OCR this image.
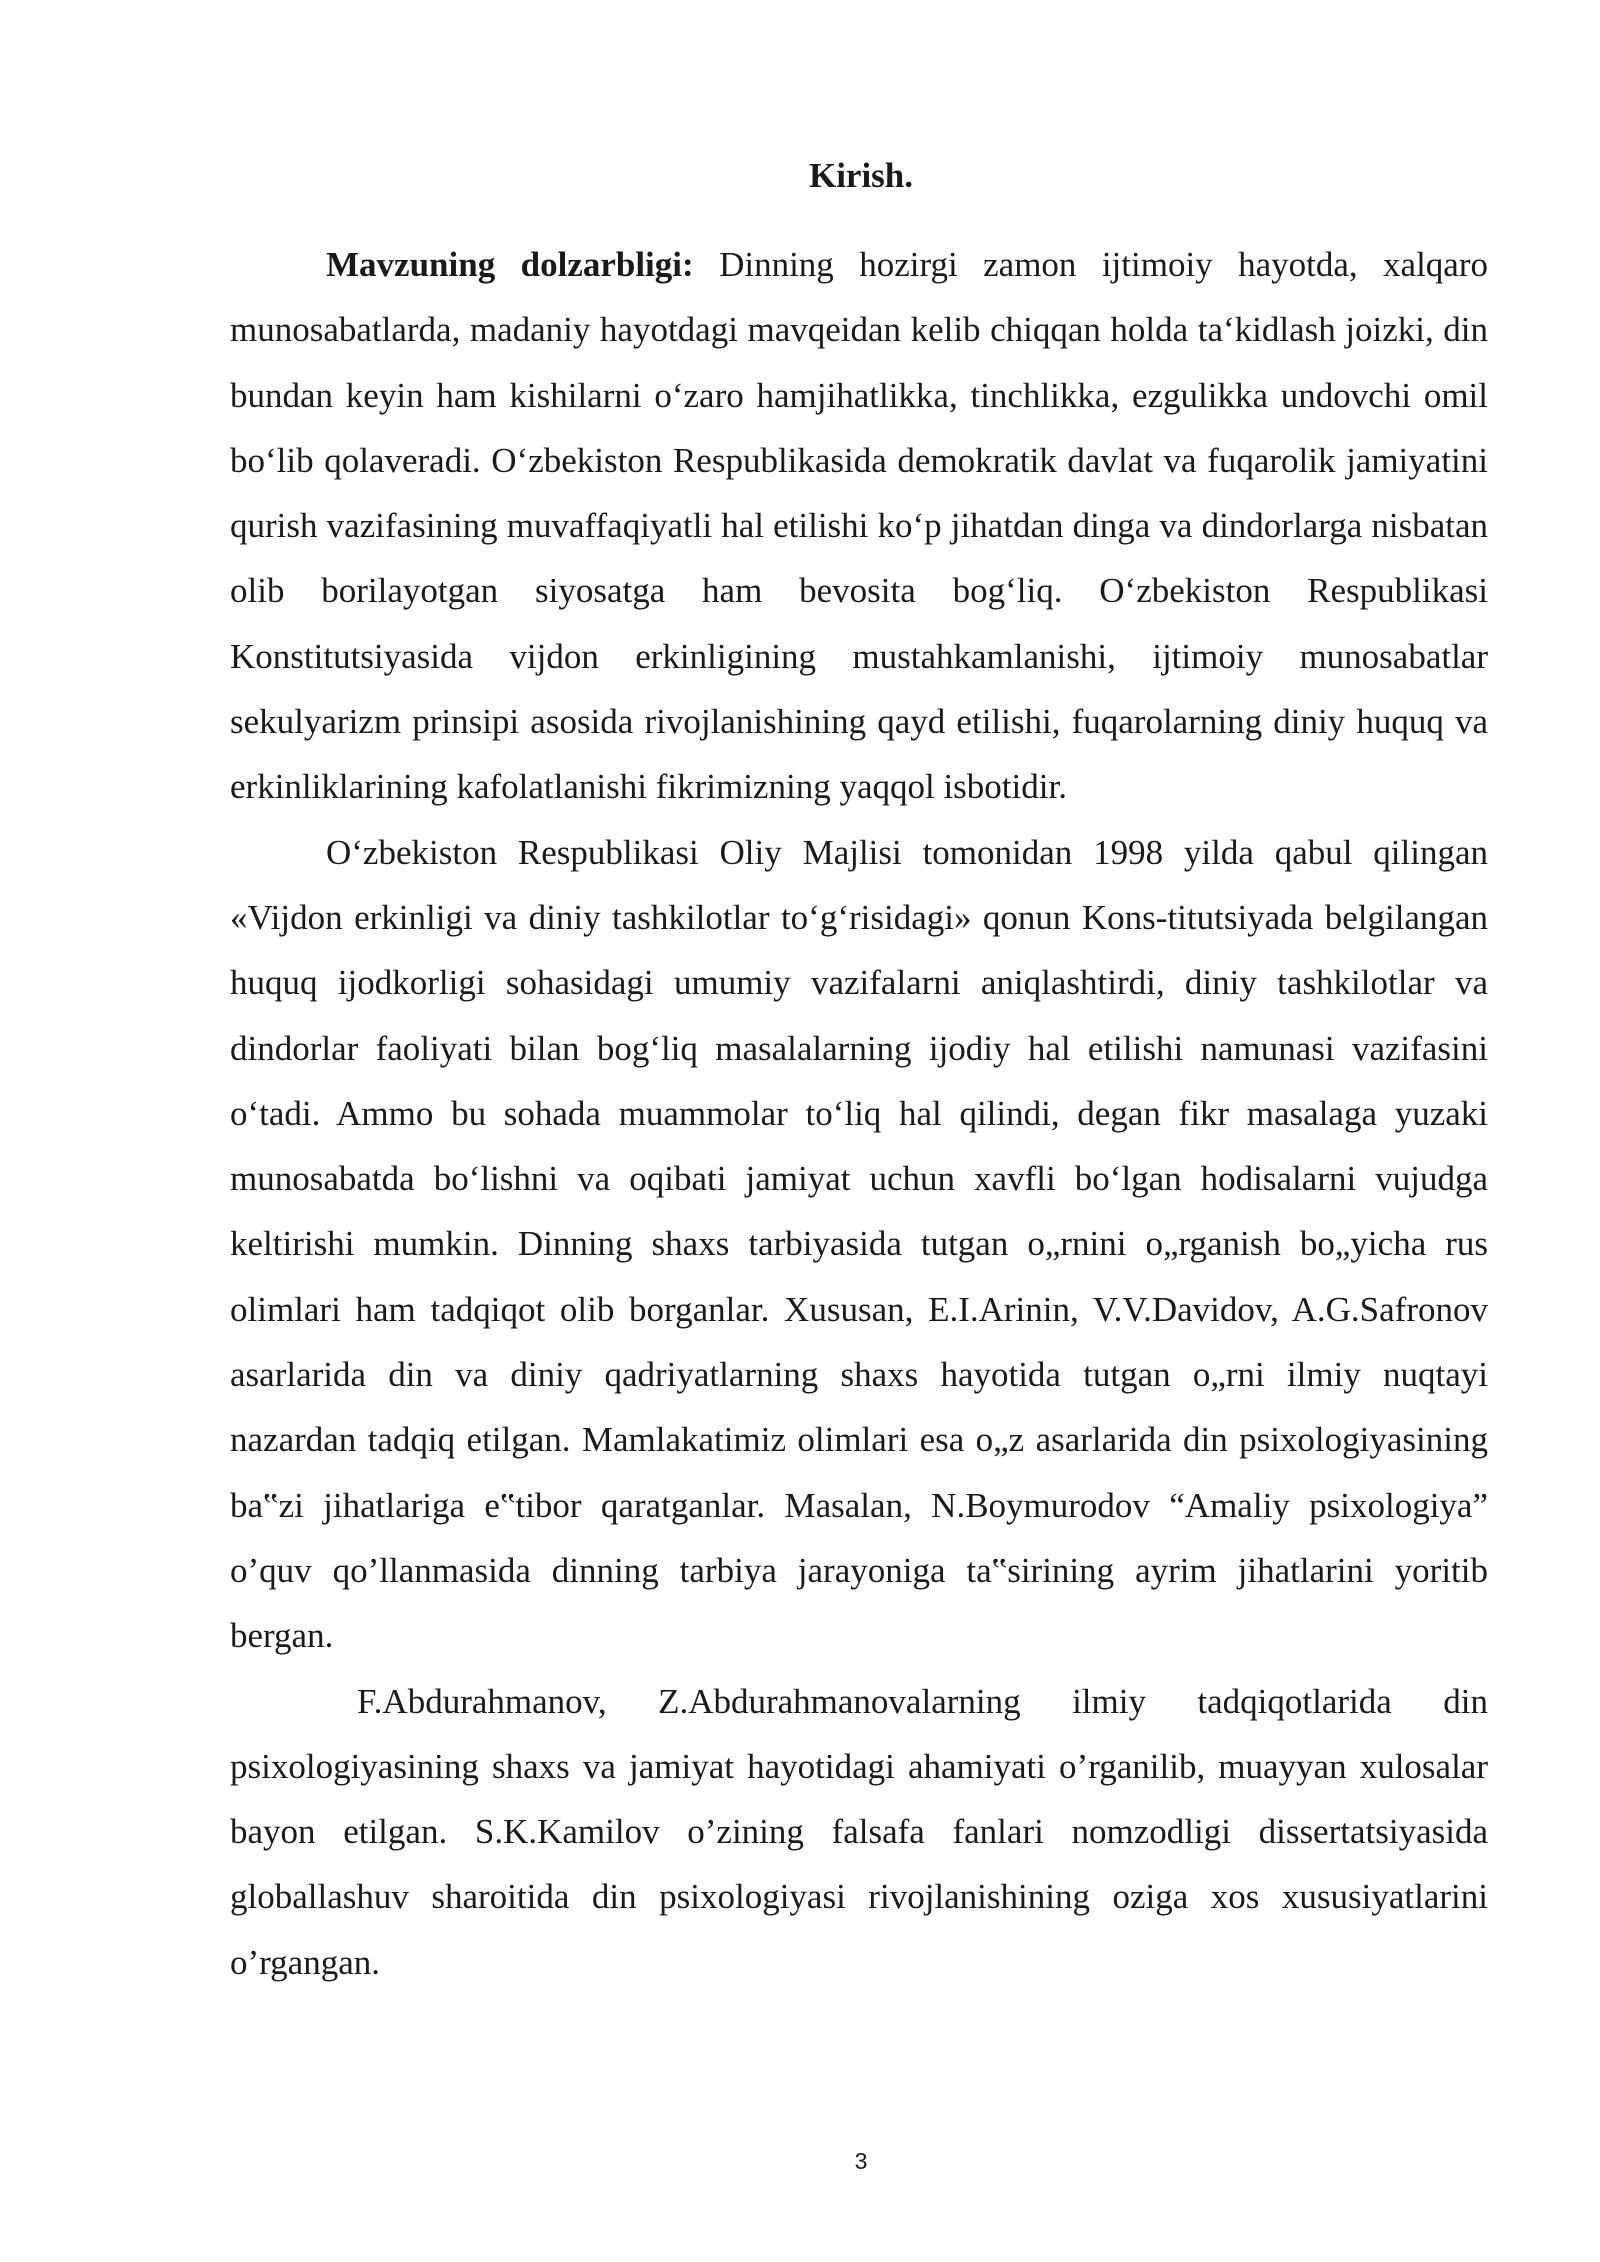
Kirish.

Mavzuning dolzarbligi: Dinning hozirgi zamon ijtimoiy hayotda, xalqaro munosabatlarda, madaniy hayotdagi mavqeidan kelib chiqqan holda taʻkidlash joizki, din bundan keyin ham kishilarni oʻzaro hamjihatlikka, tinchlikka, ezgulikka undovchi omil boʻlib qolaveradi. Oʻzbekiston Respublikasida demokratik davlat va fuqarolik jamiyatini qurish vazifasining muvaffaqiyatli hal etilishi koʻp jihatdan dinga va dindorlarga nisbatan olib borilayotgan siyosatga ham bevosita bogʻliq. Oʻzbekiston Respublikasi Konstitutsiyasida vijdon erkinligining mustahkamlanishi, ijtimoiy munosabatlar sekulyarizm prinsipi asosida rivojlanishining qayd etilishi, fuqarolarning diniy huquq va erkinliklarining kafolatlanishi fikrimizning yaqqol isbotidir.

Oʻzbekiston Respublikasi Oliy Majlisi tomonidan 1998 yilda qabul qilingan «Vijdon erkinligi va diniy tashkilotlar toʻgʻrisidagi» qonun Kons-titutsiyada belgilangan huquq ijodkorligi sohasidagi umumiy vazifalarni aniqlashtirdi, diniy tashkilotlar va dindorlar faoliyati bilan bogʻliq masalalarning ijodiy hal etilishi namunasi vazifasini oʻtadi. Ammo bu sohada muammolar toʻliq hal qilindi, degan fikr masalaga yuzaki munosabatda boʻlishni va oqibati jamiyat uchun xavfli boʻlgan hodisalarni vujudga keltirishi mumkin. Dinning shaxs tarbiyasida tutgan o„rnini o„rganish bo„yicha rus olimlari ham tadqiqot olib borganlar. Xususan, E.I.Arinin, V.V.Davidov, A.G.Safronov asarlarida din va diniy qadriyatlarning shaxs hayotida tutgan o„rni ilmiy nuqtayi nazardan tadqiq etilgan. Mamlakatimiz olimlari esa o„z asarlarida din psixologiyasining ba‟zi jihatlariga e‟tibor qaratganlar. Masalan, N.Boymurodov “Amaliy psixologiya” o’quv qo’llanmasida dinning tarbiya jarayoniga ta‟sirining ayrim jihatlarini yoritib bergan.

F.Abdurahmanov, Z.Abdurahmanovalarning ilmiy tadqiqotlarida din psixologiyasining shaxs va jamiyat hayotidagi ahamiyati o’rganilib, muayyan xulosalar bayon etilgan. S.K.Kamilov o’zining falsafa fanlari nomzodligi dissertatsiyasida globallashuv sharoitida din psixologiyasi rivojlanishining oziga xos xususiyatlarini o’rgangan.

3
